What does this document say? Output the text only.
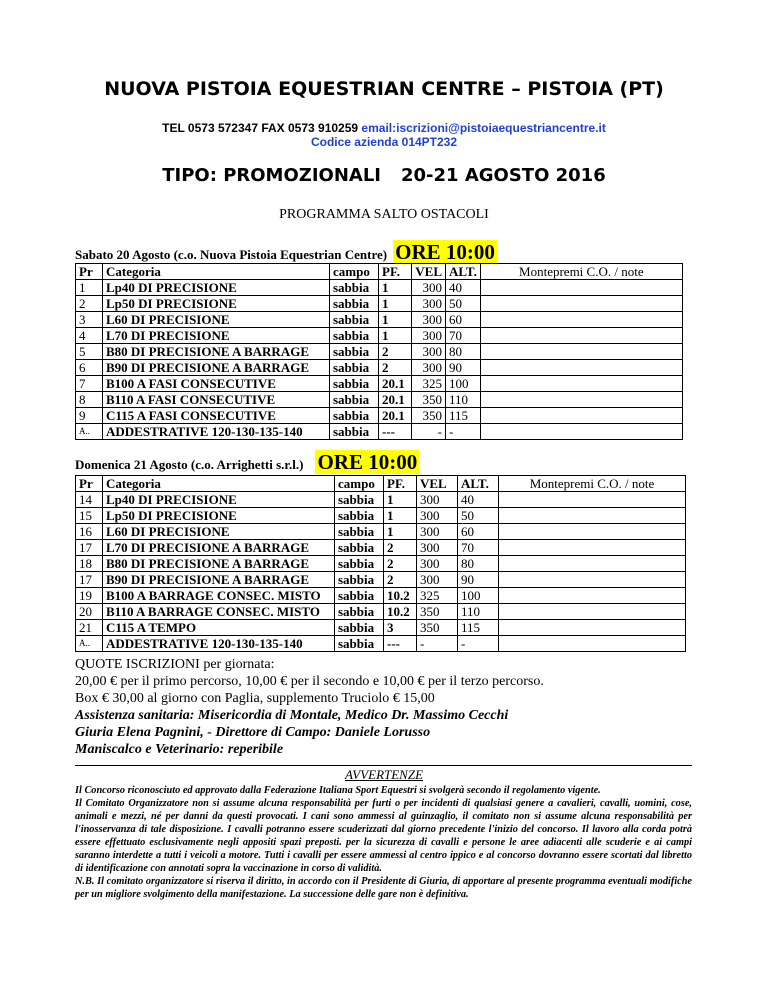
NUOVA PISTOIA EQUESTRIAN CENTRE – PISTOIA (PT)
TEL 0573 572347 FAX 0573 910259 email:iscrizioni@pistoiaequestriancentre.it
Codice azienda 014PT232
TIPO: PROMOZIONALI 20-21 AGOSTO 2016
PROGRAMMA SALTO OSTACOLI
Sabato 20 Agosto (c.o. Nuova Pistoia Equestrian Centre) ORE 10:00
Pr	Categoria	campo	PF.	VEL	ALT.	Montepremi C.O. / note
1	Lp40 DI PRECISIONE	sabbia	1	300	40	
2	Lp50 DI PRECISIONE	sabbia	1	300	50	
3	L60 DI PRECISIONE	sabbia	1	300	60	
4	L70 DI PRECISIONE	sabbia	1	300	70	
5	B80 DI PRECISIONE A BARRAGE	sabbia	2	300	80	
6	B90 DI PRECISIONE A BARRAGE	sabbia	2	300	90	
7	B100 A FASI CONSECUTIVE	sabbia	20.1	325	100	
8	B110 A FASI CONSECUTIVE	sabbia	20.1	350	110	
9	C115 A FASI CONSECUTIVE	sabbia	20.1	350	115	
A..	ADDESTRATIVE 120-130-135-140	sabbia	---	-	-	
Domenica 21 Agosto (c.o. Arrighetti s.r.l.) ORE 10:00
Pr	Categoria	campo	PF.	VEL	ALT.	Montepremi C.O. / note
14	Lp40 DI PRECISIONE	sabbia	1	300	40	
15	Lp50 DI PRECISIONE	sabbia	1	300	50	
16	L60 DI PRECISIONE	sabbia	1	300	60	
17	L70 DI PRECISIONE A BARRAGE	sabbia	2	300	70	
18	B80 DI PRECISIONE A BARRAGE	sabbia	2	300	80	
17	B90 DI PRECISIONE A BARRAGE	sabbia	2	300	90	
19	B100 A BARRAGE CONSEC. MISTO	sabbia	10.2	325	100	
20	B110 A BARRAGE CONSEC. MISTO	sabbia	10.2	350	110	
21	C115 A TEMPO	sabbia	3	350	115	
A..	ADDESTRATIVE 120-130-135-140	sabbia	---	-	-	
QUOTE ISCRIZIONI per giornata:
20,00 € per il primo percorso, 10,00 € per il secondo e 10,00 € per il terzo percorso.
Box € 30,00 al giorno con Paglia, supplemento Truciolo € 15,00
Assistenza sanitaria: Misericordia di Montale, Medico Dr. Massimo Cecchi
Giuria Elena Pagnini, - Direttore di Campo: Daniele Lorusso
Maniscalco e Veterinario: reperibile
AVVERTENZE

Il Concorso riconosciuto ed approvato dalla Federazione Italiana Sport Equestri si svolgerà secondo il regolamento vigente.

Il Comitato Organizzatore non si assume alcuna responsabilità per furti o per incidenti di qualsiasi genere a cavalieri, cavalli, uomini, cose, animali e mezzi, né per danni da questi provocati. I cani sono ammessi al guinzaglio, il comitato non si assume alcuna responsabilità per l'inosservanza di tale disposizione. I cavalli potranno essere scuderizzati dal giorno precedente l'inizio del concorso. Il lavoro alla corda potrà essere effettuato esclusivamente negli appositi spazi preposti. per la sicurezza di cavalli e persone le aree adiacenti alle scuderie e ai campi saranno interdette a tutti i veicoli a motore. Tutti i cavalli per essere ammessi al centro ippico e al concorso dovranno essere scortati dal libretto di identificazione con annotati sopra la vaccinazione in corso di validità.

N.B. Il comitato organizzatore si riserva il diritto, in accordo con il Presidente di Giuria, di apportare al presente programma eventuali modifiche per un migliore svolgimento della manifestazione. La successione delle gare non è definitiva.
